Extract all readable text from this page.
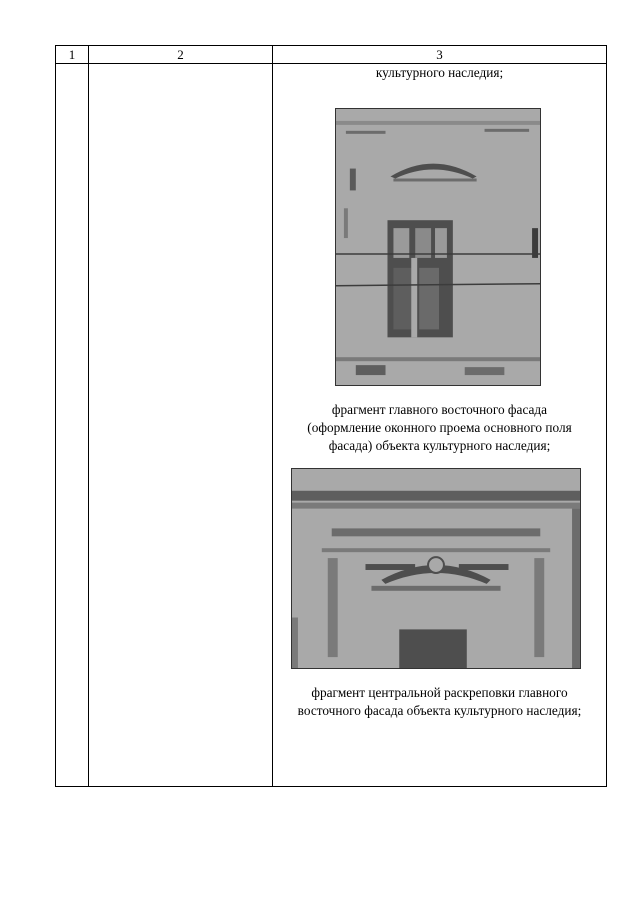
1	2	3
культурного наследия;
фрагмент главного восточного фасада
(оформление оконного проема основного поля
фасада) объекта культурного наследия;
фрагмент центральной раскреповки главного
восточного фасада объекта культурного наследия;
